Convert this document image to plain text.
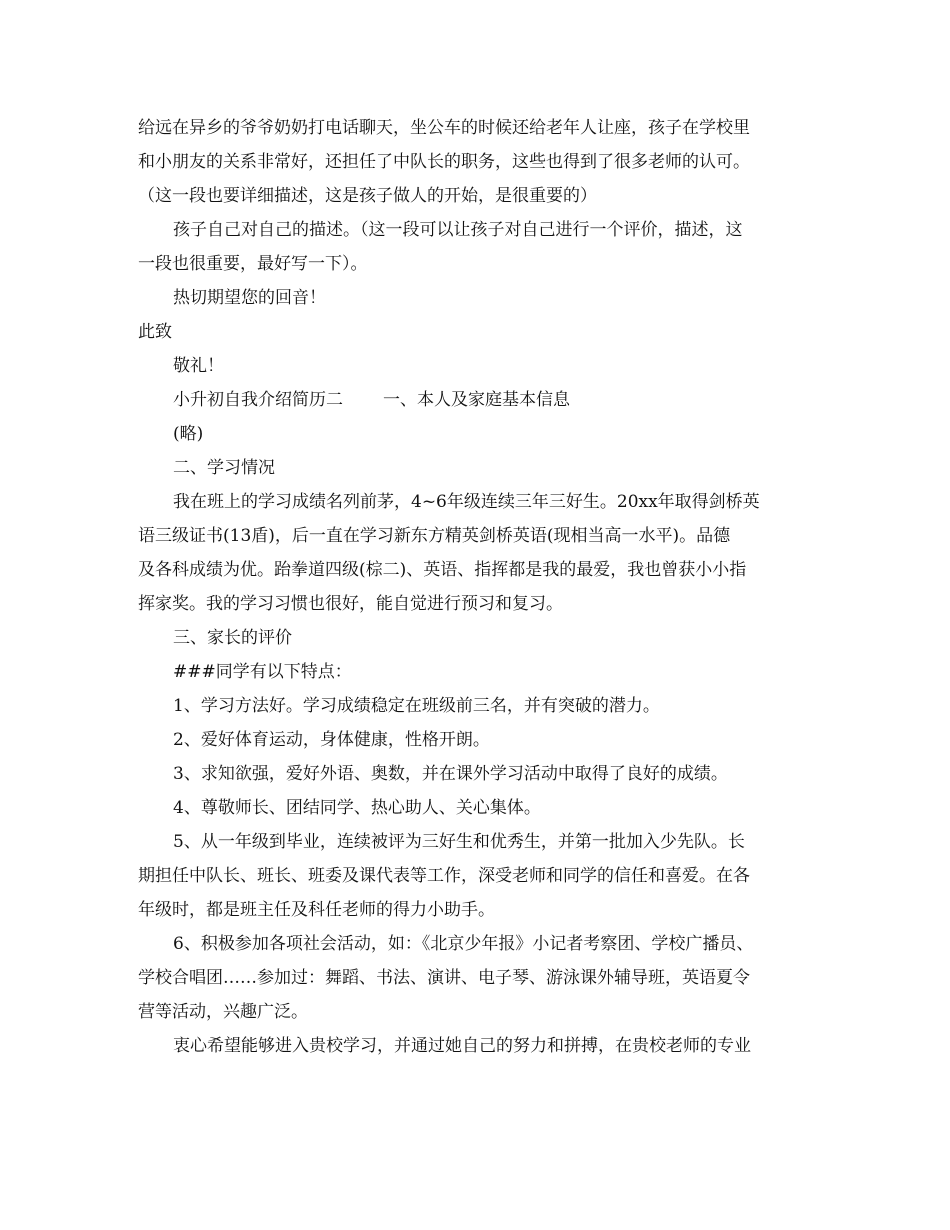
给远在异乡的爷爷奶奶打电话聊天，坐公车的时候还给老年人让座，孩子在学校里
和小朋友的关系非常好，还担任了中队长的职务，这些也得到了很多老师的认可。
（这一段也要详细描述，这是孩子做人的开始，是很重要的）
孩子自己对自己的描述。（这一段可以让孩子对自己进行一个评价，描述，这
一段也很重要，最好写一下）。
热切期望您的回音！
此致
敬礼！
小升初自我介绍简历二 一、本人及家庭基本信息
(略)
二、学习情况
我在班上的学习成绩名列前茅，4~6年级连续三年三好生。20xx年取得剑桥英
语三级证书(13盾)，后一直在学习新东方精英剑桥英语(现相当高一水平)。品德
及各科成绩为优。跆拳道四级(棕二)、英语、指挥都是我的最爱，我也曾获小小指
挥家奖。我的学习习惯也很好，能自觉进行预习和复习。
三、家长的评价
###同学有以下特点：
1、学习方法好。学习成绩稳定在班级前三名，并有突破的潜力。
2、爱好体育运动，身体健康，性格开朗。
3、求知欲强，爱好外语、奥数，并在课外学习活动中取得了良好的成绩。
4、尊敬师长、团结同学、热心助人、关心集体。
5、从一年级到毕业，连续被评为三好生和优秀生，并第一批加入少先队。长
期担任中队长、班长、班委及课代表等工作，深受老师和同学的信任和喜爱。在各
年级时，都是班主任及科任老师的得力小助手。
6、积极参加各项社会活动，如：《北京少年报》小记者考察团、学校广播员、
学校合唱团……参加过：舞蹈、书法、演讲、电子琴、游泳课外辅导班，英语夏令
营等活动，兴趣广泛。
衷心希望能够进入贵校学习，并通过她自己的努力和拼搏，在贵校老师的专业
